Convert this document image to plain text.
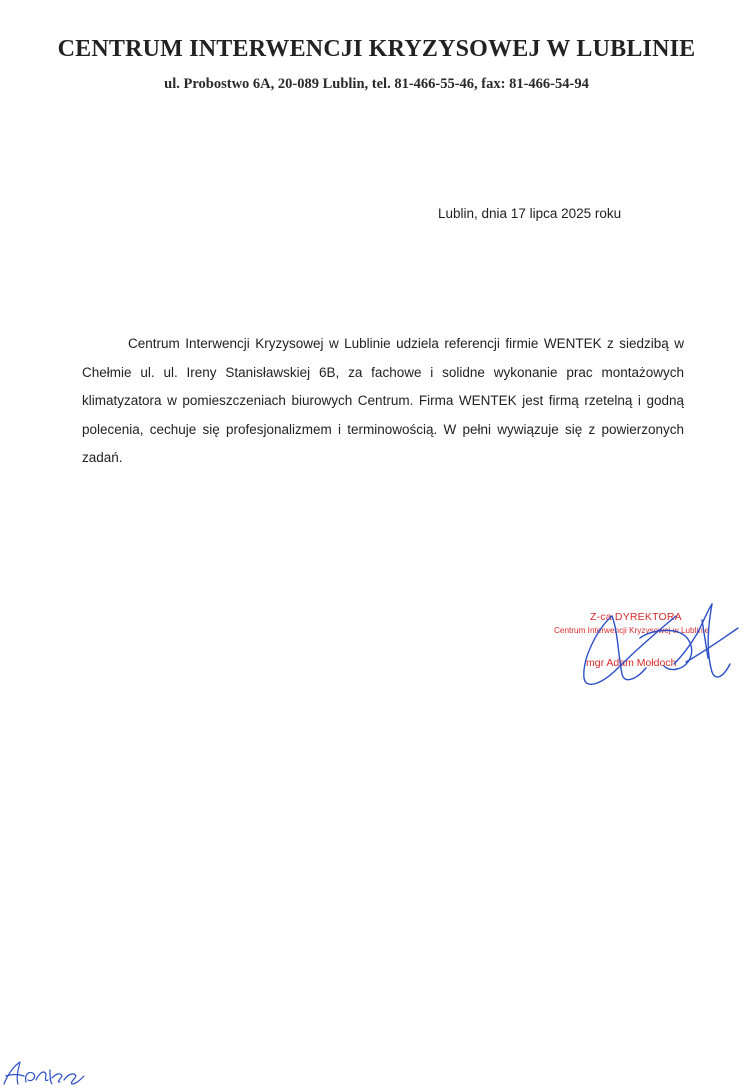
CENTRUM INTERWENCJI KRYZYSOWEJ W LUBLINIE
ul. Probostwo 6A, 20-089 Lublin, tel. 81-466-55-46, fax: 81-466-54-94
Lublin, dnia 17 lipca 2025 roku

Centrum Interwencji Kryzysowej w Lublinie udziela referencji firmie WENTEK z siedzibą w Chełmie ul. ul. Ireny Stanisławskiej 6B, za fachowe i solidne wykonanie prac montażowych klimatyzatora w pomieszczeniach biurowych Centrum. Firma WENTEK jest firmą rzetelną i godną polecenia, cechuje się profesjonalizmem i terminowością. W pełni wywiązuje się z powierzonych zadań.

Z-ca DYREKTORA
Centrum Interwencji Kryzysowej w Lublinie
mgr Adam Mołdoch
